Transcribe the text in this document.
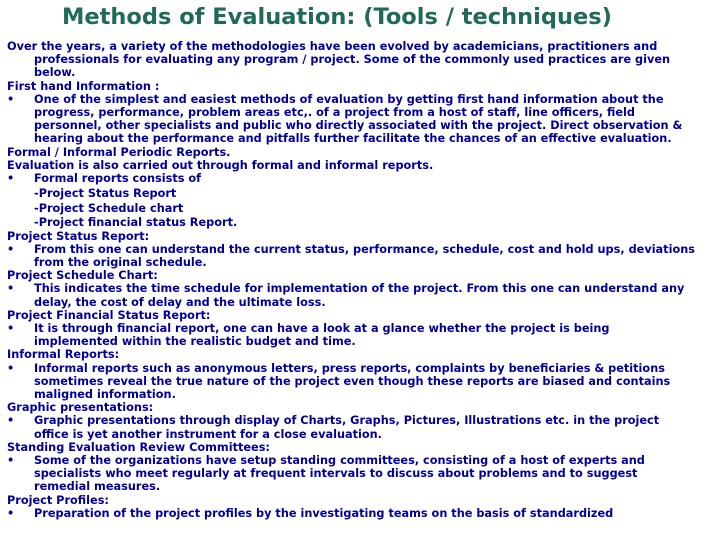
Methods of Evaluation: (Tools / techniques)

Over the years, a variety of the methodologies have been evolved by academicians, practitioners and professionals for evaluating any program / project. Some of the commonly used practices are given below.

First hand Information :

• One of the simplest and easiest methods of evaluation by getting first hand information about the progress, performance, problem areas etc,. of a project from a host of staff, line officers, field personnel, other specialists and public who directly associated with the project. Direct observation & hearing about the performance and pitfalls further facilitate the chances of an effective evaluation.

Formal / Informal Periodic Reports.

Evaluation is also carried out through formal and informal reports.

• Formal reports consists of

-Project Status Report

-Project Schedule chart

-Project financial status Report.

Project Status Report:

• From this one can understand the current status, performance, schedule, cost and hold ups, deviations from the original schedule.

Project Schedule Chart:

• This indicates the time schedule for implementation of the project. From this one can understand any delay, the cost of delay and the ultimate loss.

Project Financial Status Report:

• It is through financial report, one can have a look at a glance whether the project is being implemented within the realistic budget and time.

Informal Reports:

• Informal reports such as anonymous letters, press reports, complaints by beneficiaries & petitions sometimes reveal the true nature of the project even though these reports are biased and contains maligned information.

Graphic presentations:

• Graphic presentations through display of Charts, Graphs, Pictures, Illustrations etc. in the project office is yet another instrument for a close evaluation.

Standing Evaluation Review Committees:

• Some of the organizations have setup standing committees, consisting of a host of experts and specialists who meet regularly at frequent intervals to discuss about problems and to suggest remedial measures.

Project Profiles:

• Preparation of the project profiles by the investigating teams on the basis of standardized
